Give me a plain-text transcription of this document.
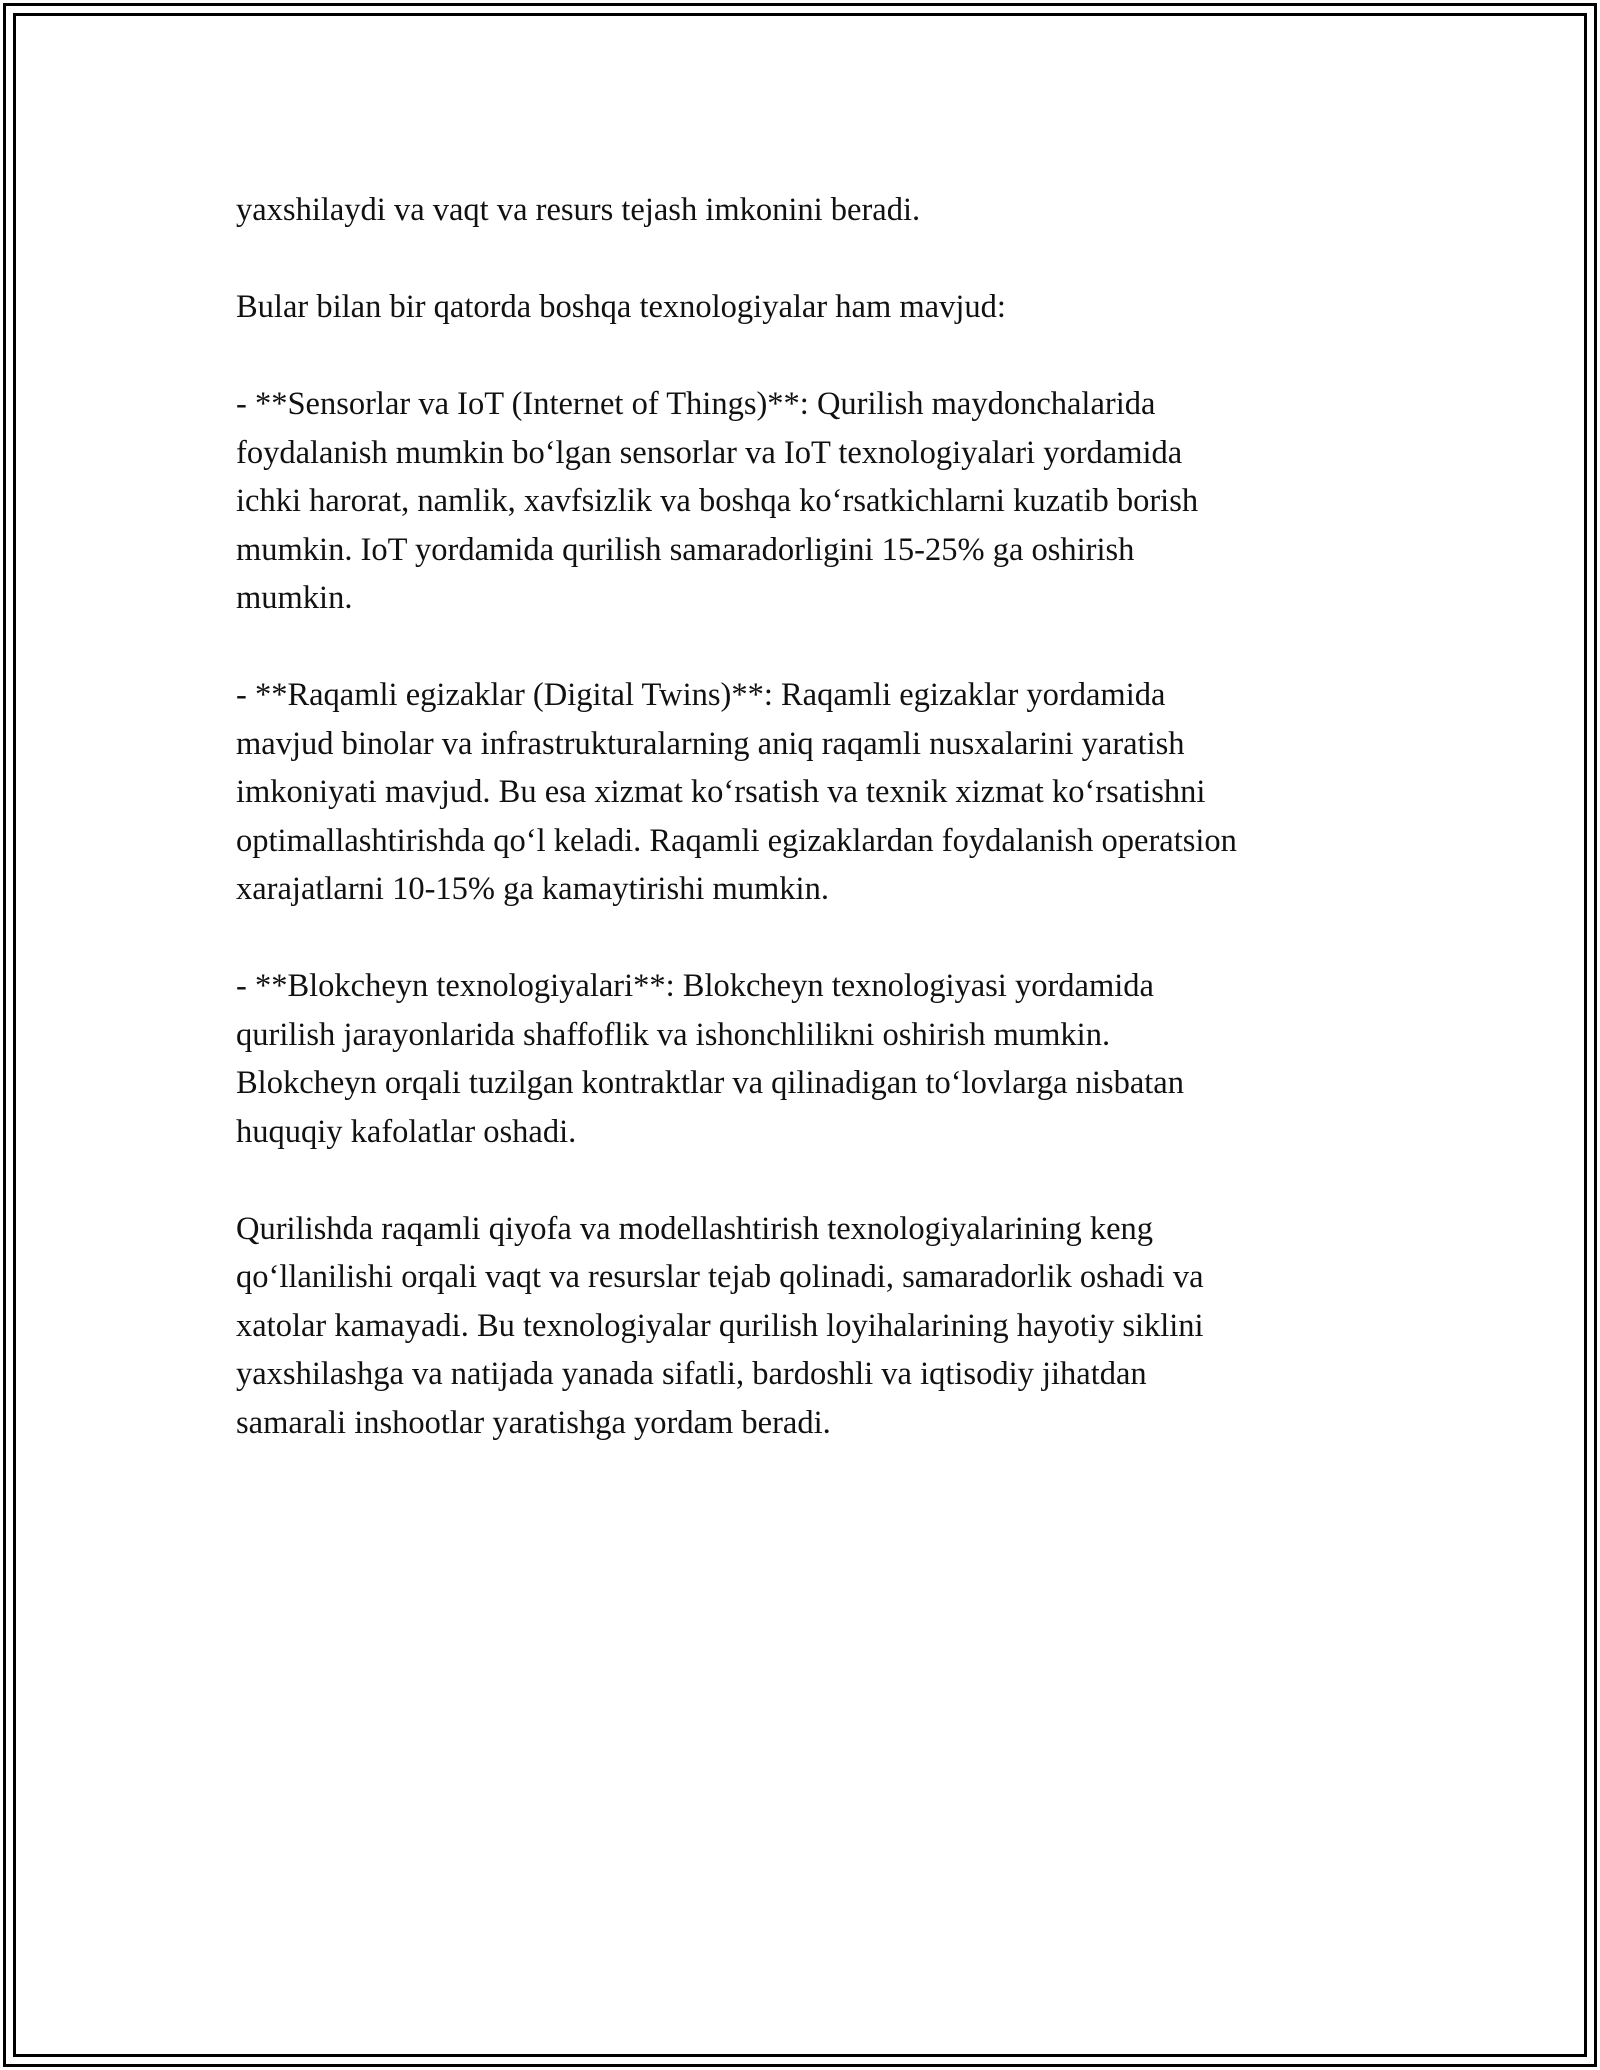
yaxshilaydi va vaqt va resurs tejash imkonini beradi.

Bular bilan bir qatorda boshqa texnologiyalar ham mavjud:

- **Sensorlar va IoT (Internet of Things)**: Qurilish maydonchalarida
foydalanish mumkin bo‘lgan sensorlar va IoT texnologiyalari yordamida
ichki harorat, namlik, xavfsizlik va boshqa ko‘rsatkichlarni kuzatib borish
mumkin. IoT yordamida qurilish samaradorligini 15-25% ga oshirish
mumkin.

- **Raqamli egizaklar (Digital Twins)**: Raqamli egizaklar yordamida
mavjud binolar va infrastrukturalarning aniq raqamli nusxalarini yaratish
imkoniyati mavjud. Bu esa xizmat ko‘rsatish va texnik xizmat ko‘rsatishni
optimallashtirishda qo‘l keladi. Raqamli egizaklardan foydalanish operatsion
xarajatlarni 10-15% ga kamaytirishi mumkin.

- **Blokcheyn texnologiyalari**: Blokcheyn texnologiyasi yordamida
qurilish jarayonlarida shaffoflik va ishonchlilikni oshirish mumkin.
Blokcheyn orqali tuzilgan kontraktlar va qilinadigan to‘lovlarga nisbatan
huquqiy kafolatlar oshadi.

Qurilishda raqamli qiyofa va modellashtirish texnologiyalarining keng
qo‘llanilishi orqali vaqt va resurslar tejab qolinadi, samaradorlik oshadi va
xatolar kamayadi. Bu texnologiyalar qurilish loyihalarining hayotiy siklini
yaxshilashga va natijada yanada sifatli, bardoshli va iqtisodiy jihatdan
samarali inshootlar yaratishga yordam beradi.
